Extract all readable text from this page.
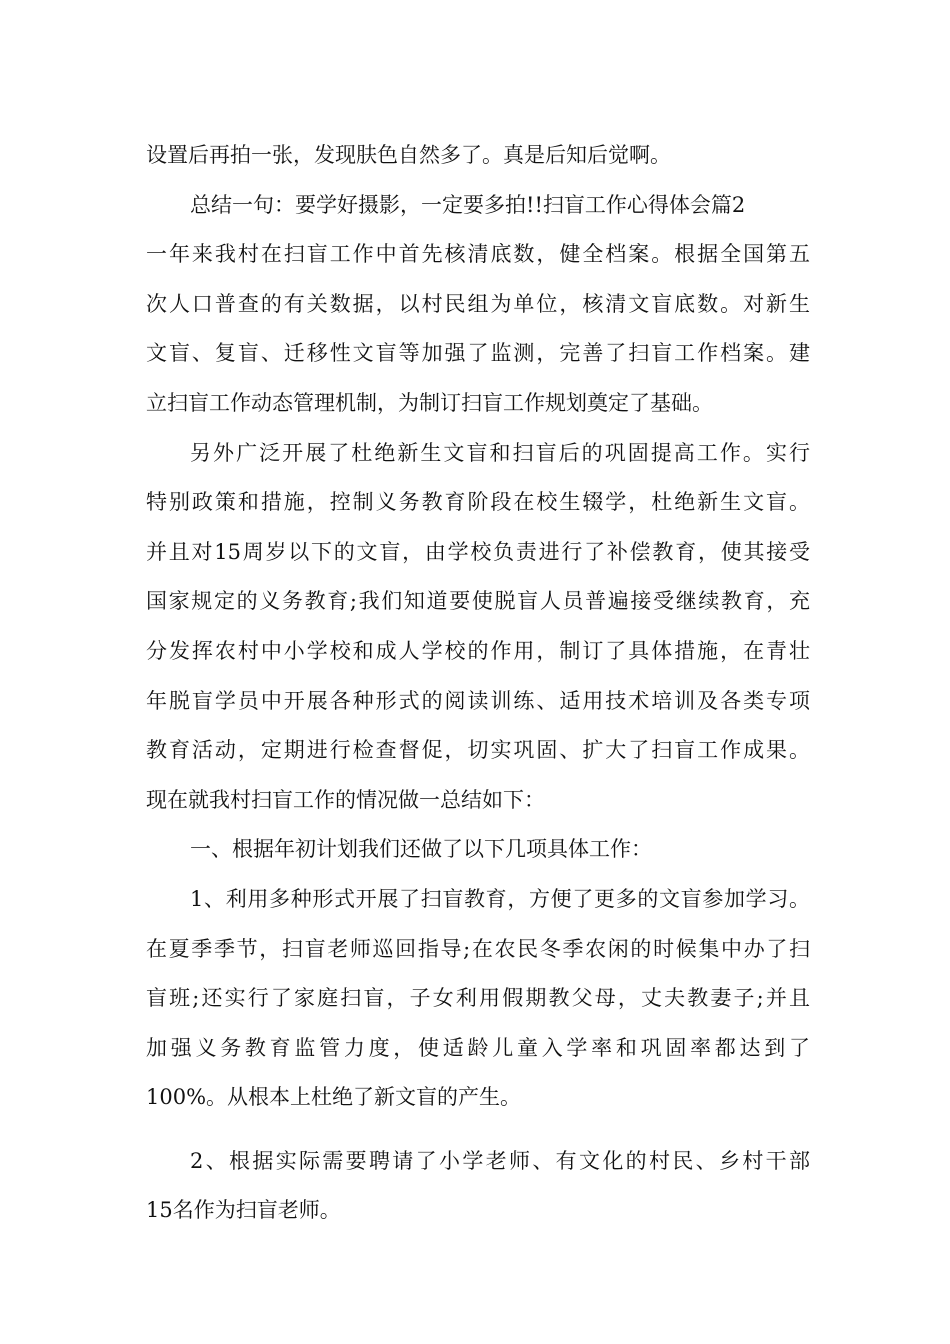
设置后再拍一张，发现肤色自然多了。真是后知后觉啊。
总结一句：要学好摄影，一定要多拍!!扫盲工作心得体会篇2
一年来我村在扫盲工作中首先核清底数，健全档案。根据全国第五
次人口普查的有关数据，以村民组为单位，核清文盲底数。对新生
文盲、复盲、迁移性文盲等加强了监测，完善了扫盲工作档案。建
立扫盲工作动态管理机制，为制订扫盲工作规划奠定了基础。
另外广泛开展了杜绝新生文盲和扫盲后的巩固提高工作。实行
特别政策和措施，控制义务教育阶段在校生辍学，杜绝新生文盲。
并且对15周岁以下的文盲，由学校负责进行了补偿教育，使其接受
国家规定的义务教育;我们知道要使脱盲人员普遍接受继续教育，充
分发挥农村中小学校和成人学校的作用，制订了具体措施，在青壮
年脱盲学员中开展各种形式的阅读训练、适用技术培训及各类专项
教育活动，定期进行检查督促，切实巩固、扩大了扫盲工作成果。
现在就我村扫盲工作的情况做一总结如下：
一、根据年初计划我们还做了以下几项具体工作：
1、利用多种形式开展了扫盲教育，方便了更多的文盲参加学习。
在夏季季节，扫盲老师巡回指导;在农民冬季农闲的时候集中办了扫
盲班;还实行了家庭扫盲，子女利用假期教父母，丈夫教妻子;并且
加强义务教育监管力度，使适龄儿童入学率和巩固率都达到了
100%。从根本上杜绝了新文盲的产生。
2、根据实际需要聘请了小学老师、有文化的村民、乡村干部
15名作为扫盲老师。
